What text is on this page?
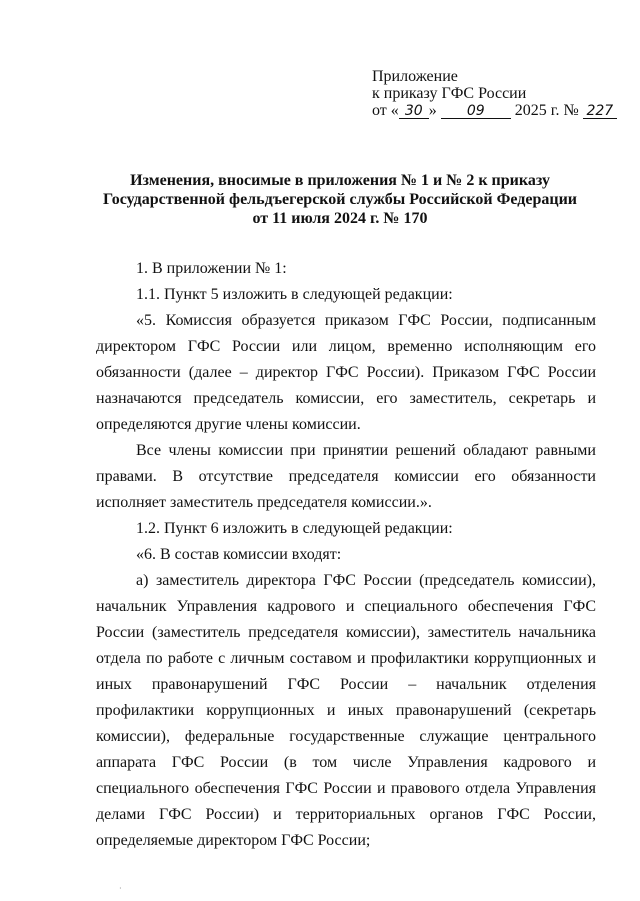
Приложение
к приказу ГФС России
от « 30 » 09 2025 г. № 227
Изменения, вносимые в приложения № 1 и № 2 к приказу
Государственной фельдъегерской службы Российской Федерации
от 11 июля 2024 г. № 170

1. В приложении № 1:

1.1. Пункт 5 изложить в следующей редакции:

«5. Комиссия образуется приказом ГФС России, подписанным директором ГФС России или лицом, временно исполняющим его обязанности (далее – директор ГФС России). Приказом ГФС России назначаются председатель комиссии, его заместитель, секретарь и определяются другие члены комиссии.

Все члены комиссии при принятии решений обладают равными правами. В отсутствие председателя комиссии его обязанности исполняет заместитель председателя комиссии.».

1.2. Пункт 6 изложить в следующей редакции:

«6. В состав комиссии входят:

а) заместитель директора ГФС России (председатель комиссии), начальник Управления кадрового и специального обеспечения ГФС России (заместитель председателя комиссии), заместитель начальника отдела по работе с личным составом и профилактики коррупционных и иных правонарушений ГФС России – начальник отделения профилактики коррупционных и иных правонарушений (секретарь комиссии), федеральные государственные служащие центрального аппарата ГФС России (в том числе Управления кадрового и специального обеспечения ГФС России и правового отдела Управления делами ГФС России) и территориальных органов ГФС России, определяемые директором ГФС России;

·
